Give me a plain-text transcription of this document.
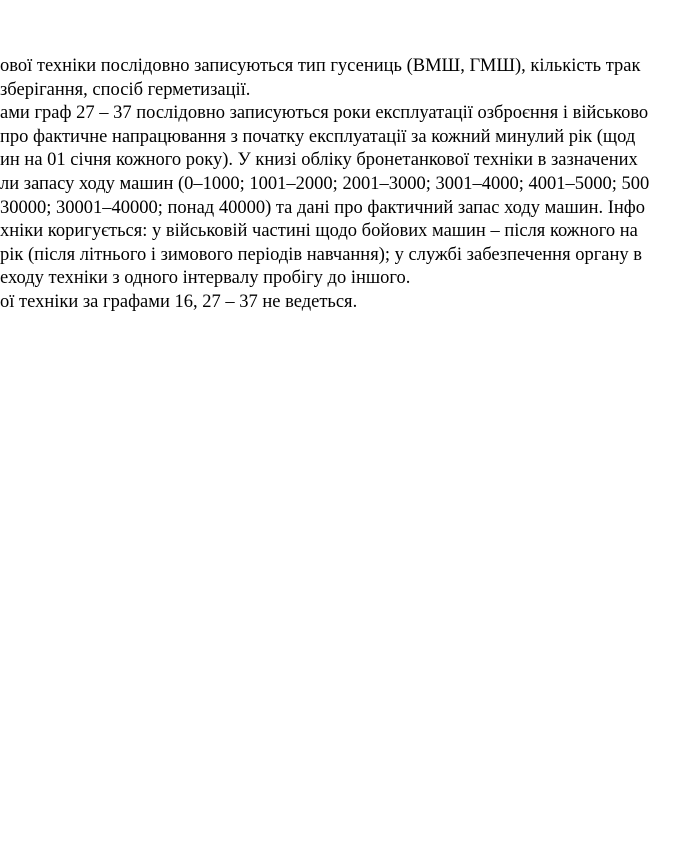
ової техніки послідовно записуються тип гусениць (ВМШ, ГМШ), кількість трак
зберігання, спосіб герметизації.
ами граф 27 – 37 послідовно записуються роки експлуатації озброєння і військово
про фактичне напрацювання з початку експлуатації за кожний минулий рік (щод
ин на 01 січня кожного року). У книзі обліку бронетанкової техніки в зазначених
ли запасу ходу машин (0–1000; 1001–2000; 2001–3000; 3001–4000; 4001–5000; 500
30000; 30001–40000; понад 40000) та дані про фактичний запас ходу машин. Інфо
хніки коригується: у військовій частині щодо бойових машин – після кожного на
рік (після літнього і зимового періодів навчання); у службі забезпечення органу в
еходу техніки з одного інтервалу пробігу до іншого.
ої техніки за графами 16, 27 – 37 не ведеться.
